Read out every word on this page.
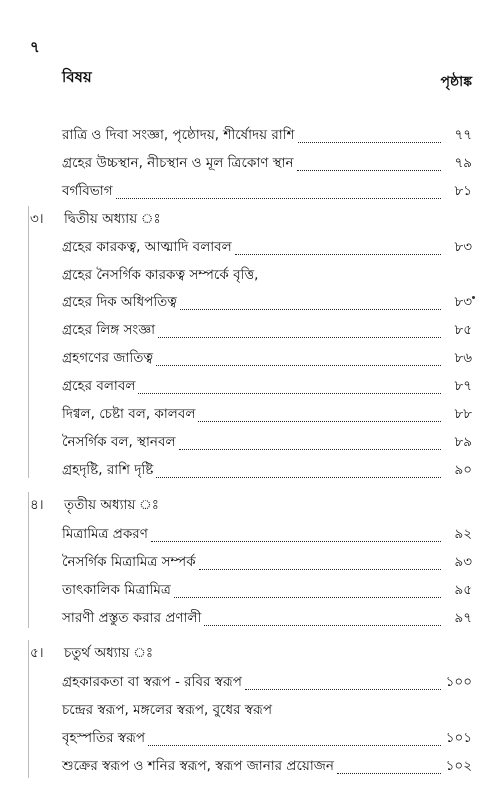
৭
বিষয়	পৃষ্ঠাঙ্ক
রাত্রি ও দিবা সংজ্ঞা, পৃষ্ঠোদয়, শীর্ষোদয় রাশি	৭৭
গ্রহের উচ্চস্থান, নীচস্থান ও মূল ত্রিকোণ স্থান	৭৯
বর্গবিভাগ	৮১
৩।	দ্বিতীয় অধ্যায় ঃ
গ্রহের কারকত্ব, আত্মাদি বলাবল	৮৩
গ্রহের নৈসর্গিক কারকত্ব সম্পর্কে বৃত্তি,
গ্রহের দিক অধিপতিত্ব	৮৩
গ্রহের লিঙ্গ সংজ্ঞা	৮৫
গ্রহগণের জাতিত্ব	৮৬
গ্রহের বলাবল	৮৭
দিগ্বল, চেষ্টা বল, কালবল	৮৮
নৈসর্গিক বল, স্থানবল	৮৯
গ্রহদৃষ্টি, রাশি দৃষ্টি	৯০
৪।	তৃতীয় অধ্যায় ঃ
মিত্রামিত্র প্রকরণ	৯২
নৈসর্গিক মিত্রামিত্র সম্পর্ক	৯৩
তাৎকালিক মিত্রামিত্র	৯৫
সারণী প্রস্তুত করার প্রণালী	৯৭
৫।	চতুর্থ অধ্যায় ঃ
গ্রহকারকতা বা স্বরূপ - রবির স্বরূপ	১০০
চন্দ্রের স্বরূপ, মঙ্গলের স্বরূপ, বুধের স্বরূপ
বৃহস্পতির স্বরূপ	১০১
শুক্রের স্বরূপ ও শনির স্বরূপ, স্বরূপ জানার প্রয়োজন	১০২
